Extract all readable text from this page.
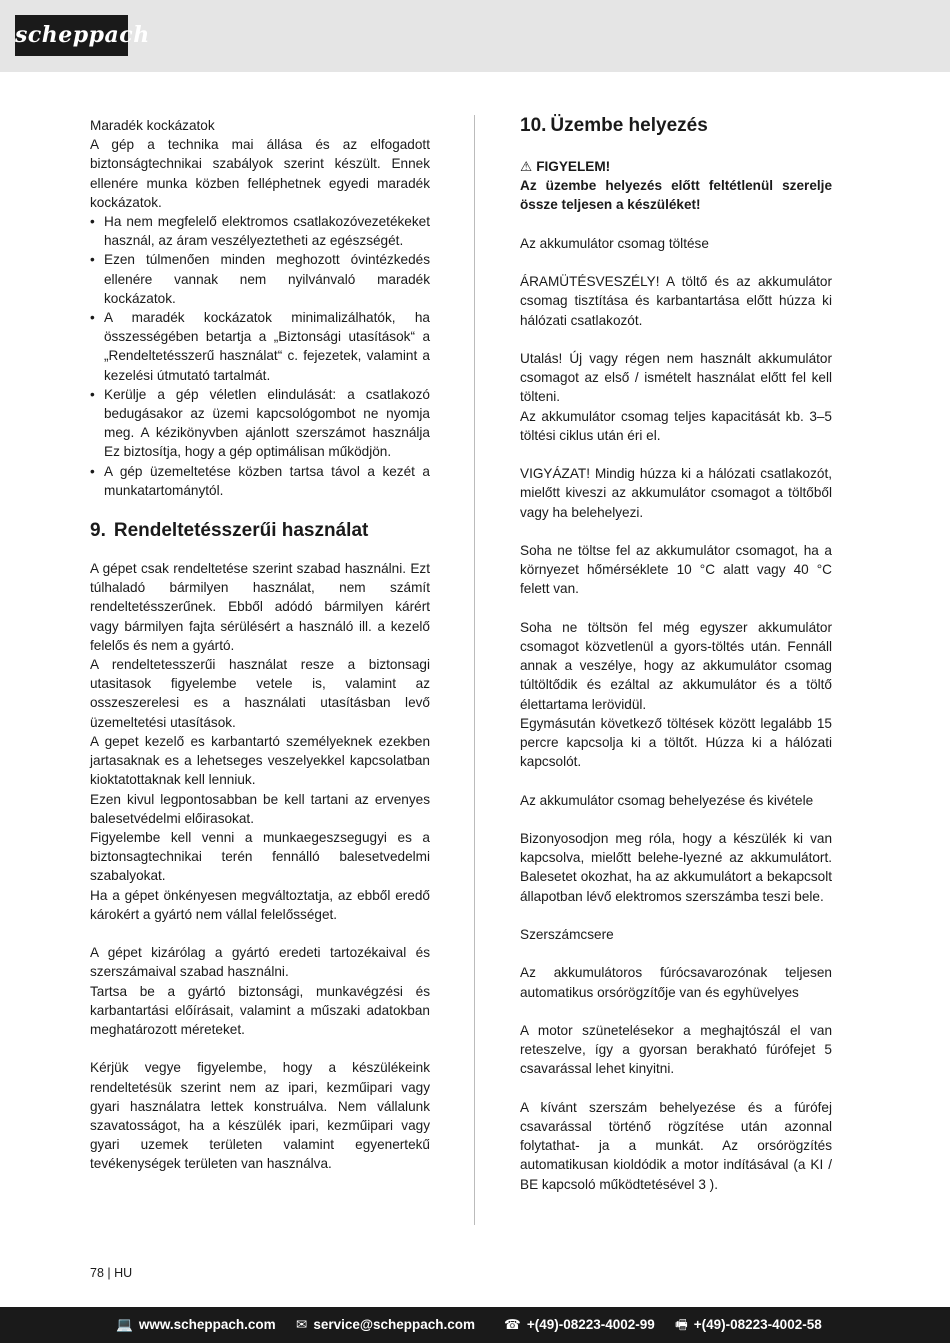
scheppach

Maradék kockázatok

A gép a technika mai állása és az elfogadott biztonságtechnikai szabályok szerint készült. Ennek ellenére munka közben felléphetnek egyedi maradék kockázatok.

• Ha nem megfelelő elektromos csatlakozóvezetékeket használ, az áram veszélyeztetheti az egészségét.
• Ezen túlmenően minden meghozott óvintézkedés ellenére vannak nem nyilvánvaló maradék kockázatok.
• A maradék kockázatok minimalizálhatók, ha összességében betartja a „Biztonsági utasítások“ a „Rendeltetésszerű használat“ c. fejezetek, valamint a kezelési útmutató tartalmát.
• Kerülje a gép véletlen elindulását: a csatlakozó bedugásakor az üzemi kapcsológombot ne nyomja meg. A kézikönyvben ajánlott szerszámot használja Ez biztosítja, hogy a gép optimálisan működjön.
• A gép üzemeltetése közben tartsa távol a kezét a munkatartománytól.
9. Rendeltetésszerűi használat

A gépet csak rendeltetése szerint szabad használni. Ezt túlhaladó bármilyen használat, nem számít rendeltetésszerűnek. Ebből adódó bármilyen kárért vagy bármilyen fajta sérülésért a használó ill. a kezelő felelős és nem a gyártó.

A rendeltetesszerűi használat resze a biztonsagi utasitasok figyelembe vetele is, valamint az osszeszerelesi es a használati utasításban levő üzemeltetési utasítások.

A gepet kezelő es karbantartó személyeknek ezekben jartasaknak es a lehetseges veszelyekkel kapcsolatban kioktatottaknak kell lenniuk.

Ezen kivul legpontosabban be kell tartani az ervenyes balesetvédelmi előirasokat.

Figyelembe kell venni a munkaegeszsegugyi es a biztonsagtechnikai terén fennálló balesetvedelmi szabalyokat.

Ha a gépet önkényesen megváltoztatja, az ebből eredő károkért a gyártó nem vállal felelősséget.

A gépet kizárólag a gyártó eredeti tartozékaival és szerszámaival szabad használni.

Tartsa be a gyártó biztonsági, munkavégzési és karbantartási előírásait, valamint a műszaki adatokban meghatározott méreteket.

Kérjük vegye figyelembe, hogy a készülékeink rendeltetésük szerint nem az ipari, kezműipari vagy gyari használatra lettek konstruálva. Nem vállalunk szavatosságot, ha a készülék ipari, kezműipari vagy gyari uzemek területen valamint egyenertekű tevékenységek területen van használva.

10. Üzembe helyezés

⚠ FIGYELEM!

Az üzembe helyezés előtt feltétlenül szerelje össze teljesen a készüléket!

Az akkumulátor csomag töltése

ÁRAMÜTÉSVESZÉLY! A töltő és az akkumulátor csomag tisztítása és karbantartása előtt húzza ki hálózati csatlakozót.

Utalás! Új vagy régen nem használt akkumulátor csomagot az első / ismételt használat előtt fel kell tölteni.

Az akkumulátor csomag teljes kapacitását kb. 3–5 töltési ciklus után éri el.

VIGYÁZAT! Mindig húzza ki a hálózati csatlakozót, mielőtt kiveszi az akkumulátor csomagot a töltőből vagy ha belehelyezi.

Soha ne töltse fel az akkumulátor csomagot, ha a környezet hőmérséklete 10 °C alatt vagy 40 °C felett van.

Soha ne töltsön fel még egyszer akkumulátor csomagot közvetlenül a gyors-töltés után. Fennáll annak a veszélye, hogy az akkumulátor csomag túltöltődik és ezáltal az akkumulátor és a töltő élettartama lerövidül.

Egymásután következő töltések között legalább 15 percre kapcsolja ki a töltőt. Húzza ki a hálózati kapcsolót.

Az akkumulátor csomag behelyezése és kivétele

Bizonyosodjon meg róla, hogy a készülék ki van kapcsolva, mielőtt belehe-lyezné az akkumulátort. Balesetet okozhat, ha az akkumulátort a bekapcsolt állapotban lévő elektromos szerszámba teszi bele.

Szerszámcsere

Az akkumulátoros fúrócsavarozónak teljesen automatikus orsórögzítője van és egyhüvelyes

A motor szünetelésekor a meghajtószál el van reteszelve, így a gyorsan berakható fúrófejet 5 csavarással lehet kinyitni.

A kívánt szerszám behelyezése és a fúrófej csavarással történő rögzítése után azonnal folytathat- ja a munkát. Az orsórögzítés automatikusan kioldódik a motor indításával (a KI / BE kapcsoló működtetésével 3 ).

78 | HU
💻 www.scheppach.com ✉ service@scheppach.com ☎ +(49)-08223-4002-99 🖷 +(49)-08223-4002-58
